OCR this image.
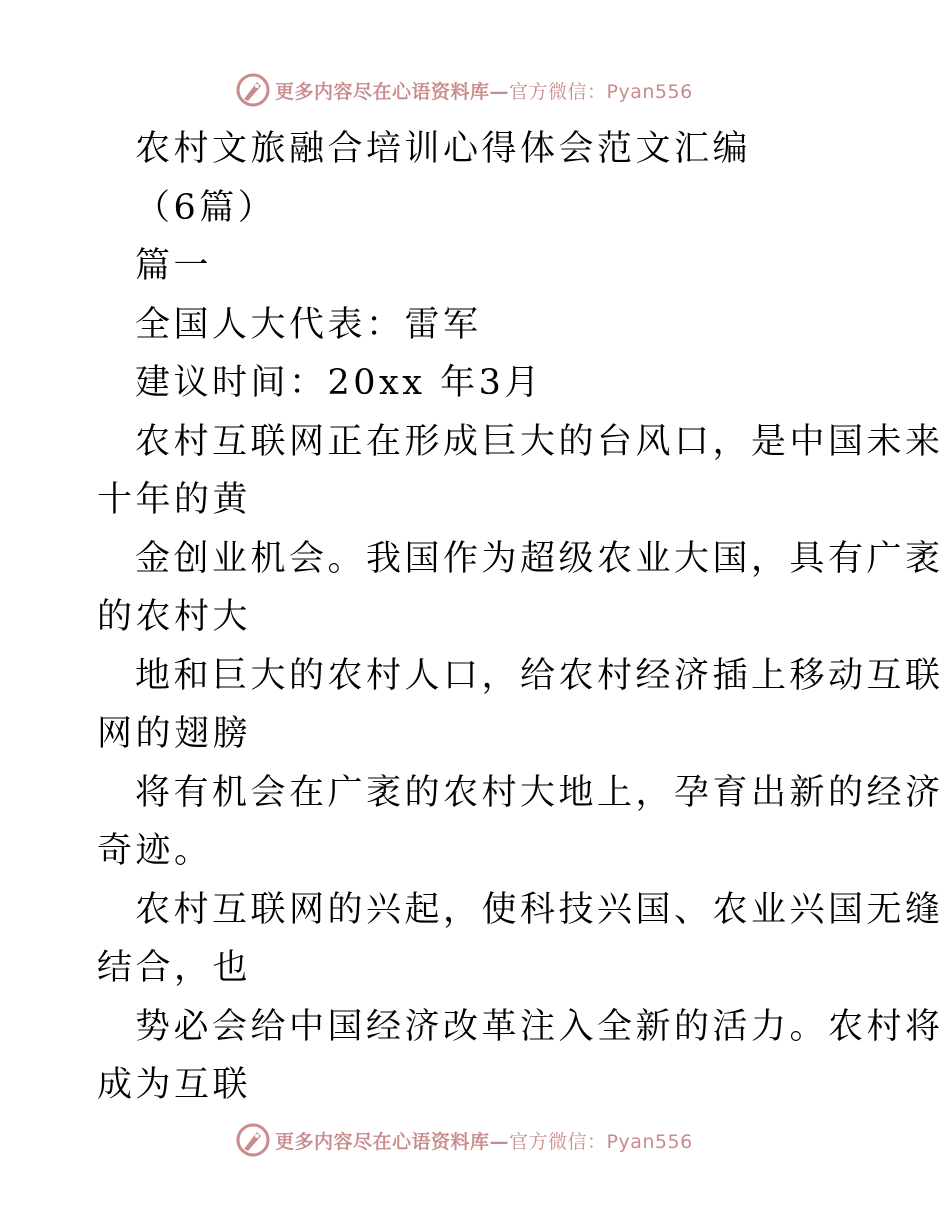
更多内容尽在心语资料库—官方微信：Pyan556
农村文旅融合培训心得体会范文汇编
（6篇）
篇一
全国人大代表：雷军
建议时间：20xx 年3月
农村互联网正在形成巨大的台风口，是中国未来
十年的黄
金创业机会。我国作为超级农业大国，具有广袤
的农村大
地和巨大的农村人口，给农村经济插上移动互联
网的翅膀
将有机会在广袤的农村大地上，孕育出新的经济
奇迹。
农村互联网的兴起，使科技兴国、农业兴国无缝
结合，也
势必会给中国经济改革注入全新的活力。农村将
成为互联
更多内容尽在心语资料库—官方微信：Pyan556
